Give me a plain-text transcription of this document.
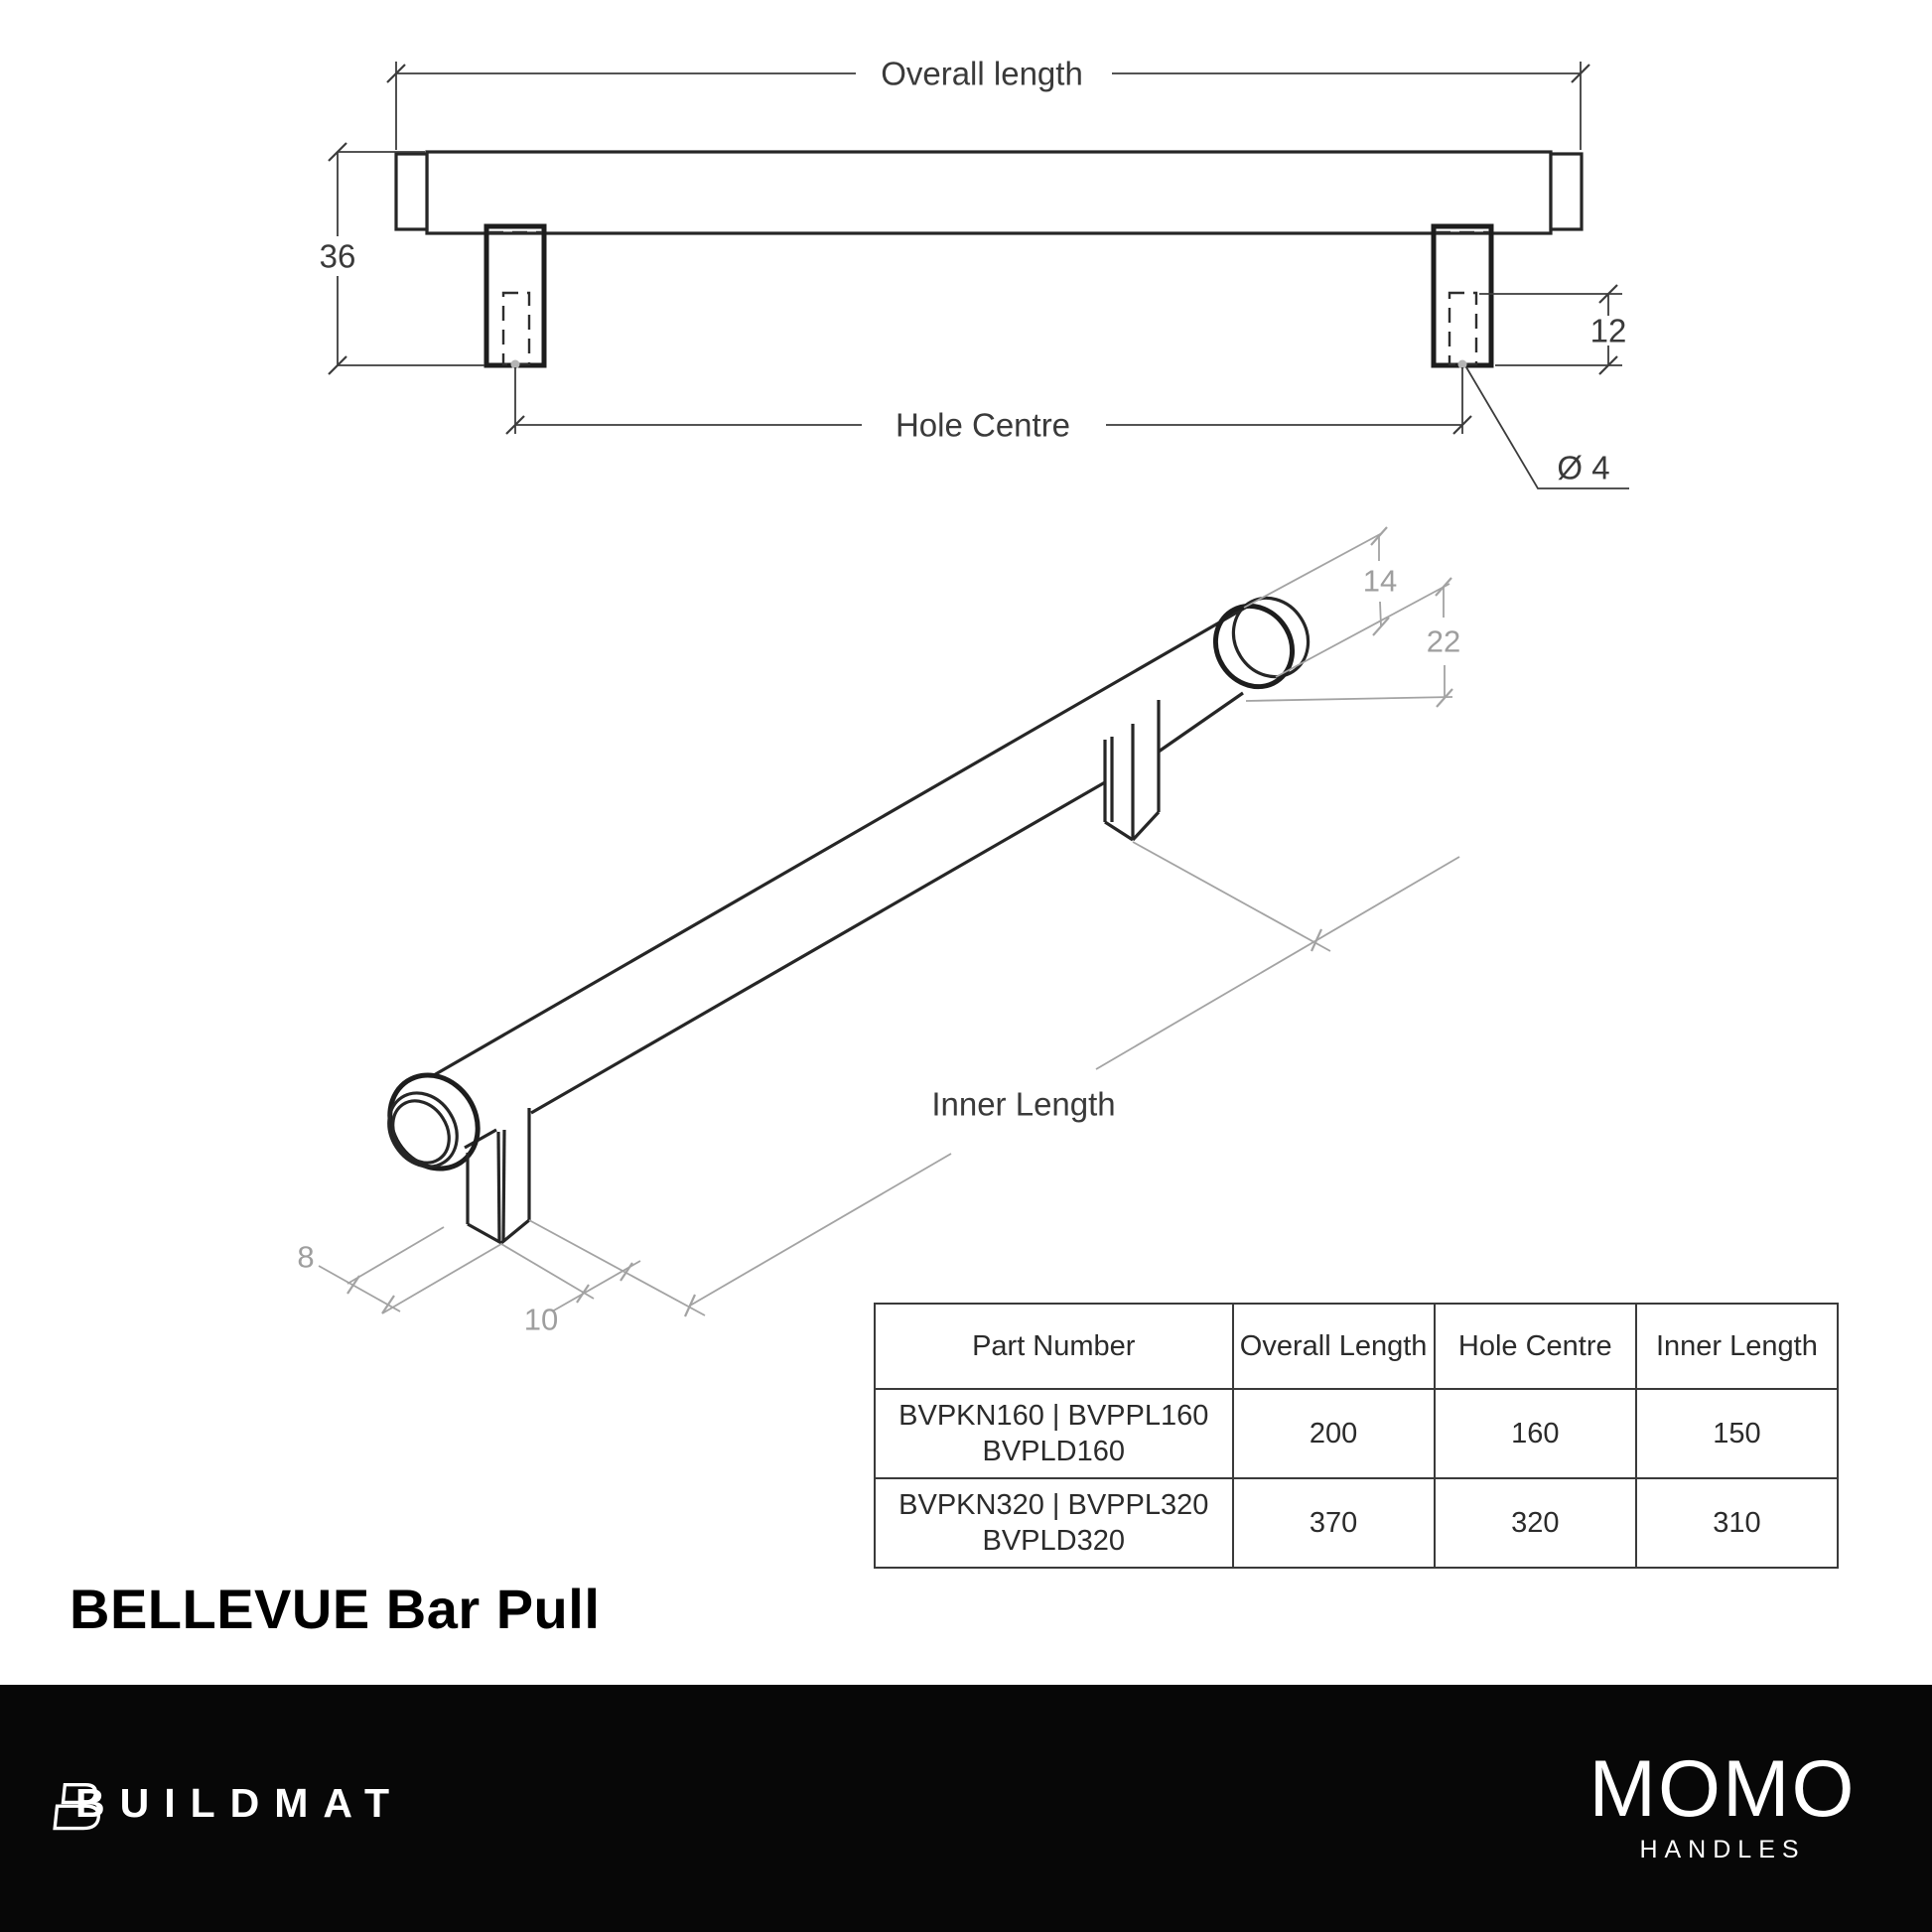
Overall length
36
Hole Centre
12
Ø 4
14
22
8
10
Inner Length
Part Number	Overall Length	Hole Centre	Inner Length

BVPKN160 | BVPPL160
BVPLD160	200	160	150

BVPKN320 | BVPPL320
BVPLD320	370	320	310
BELLEVUE Bar Pull
BUILDMAT	MOMO
HANDLES
